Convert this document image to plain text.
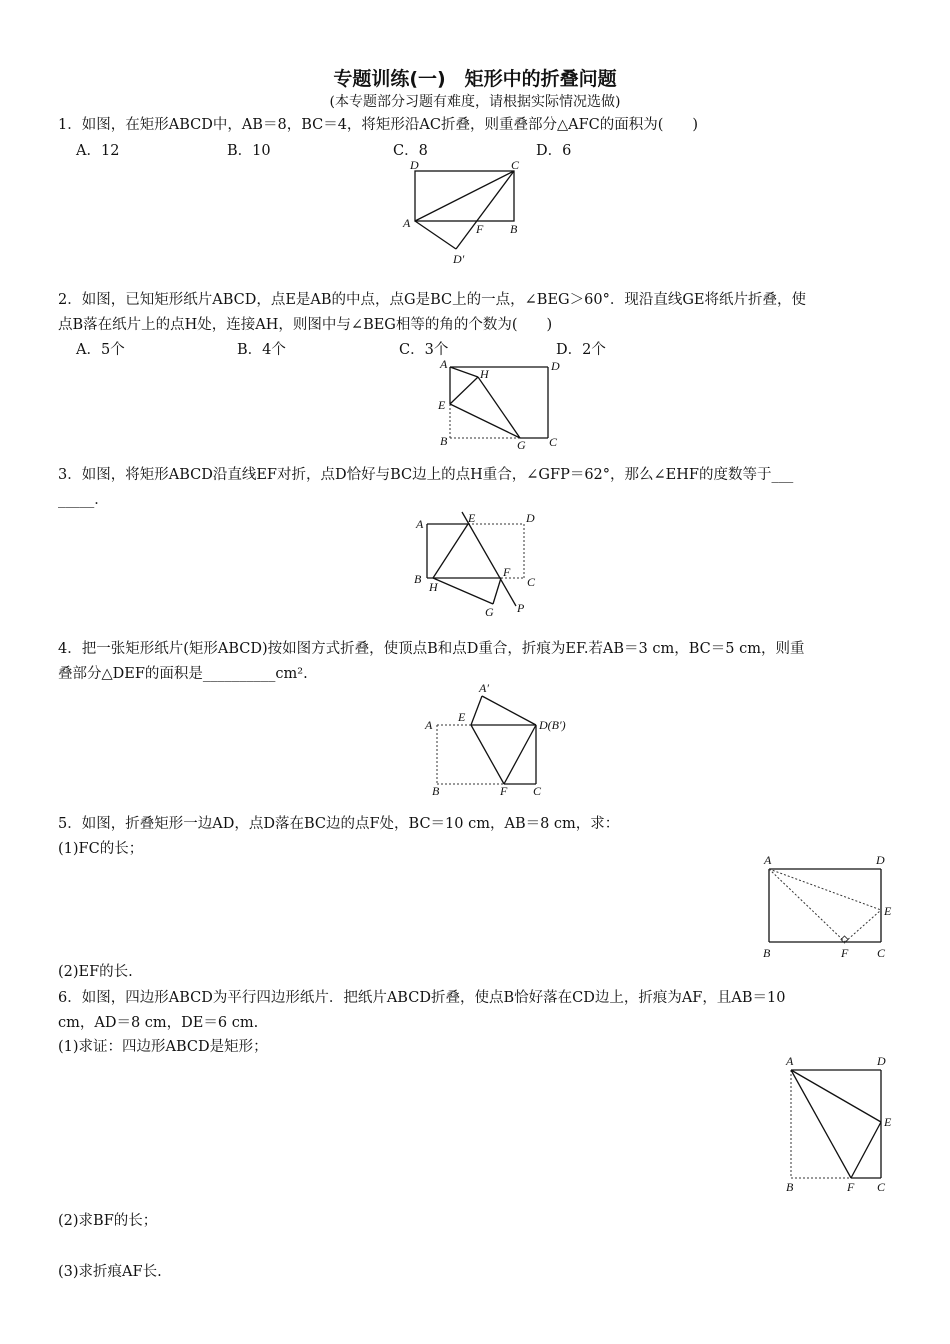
专题训练(一)　矩形中的折叠问题
(本专题部分习题有难度，请根据实际情况选做)
1．如图，在矩形ABCD中，AB＝8，BC＝4，将矩形沿AC折叠，则重叠部分△AFC的面积为(　　)
A．12	B．10	C．8	D．6
D	C
A	F B
D′
2．如图，已知矩形纸片ABCD，点E是AB的中点，点G是BC上的一点，∠BEG＞60°．现沿直线GE将纸片折叠，使
点B落在纸片上的点H处，连接AH，则图中与∠BEG相等的角的个数为(　　)
A．5个	B．4个	C．3个	D．2个
A
H
D
E
B	G C
3．如图，将矩形ABCD沿直线EF对折，点D恰好与BC边上的点H重合，∠GFP＝62°，那么∠EHF的度数等于___
_____．
A	E	D
B
H
F
C
G P
4．把一张矩形纸片(矩形ABCD)按如图方式折叠，使顶点B和点D重合，折痕为EF.若AB＝3 cm，BC＝5 cm，则重
叠部分△DEF的面积是__________cm².
A′
A
E
D(B′)
B	F C
5．如图，折叠矩形一边AD，点D落在BC边的点F处，BC＝10 cm，AB＝8 cm，求：
(1)FC的长；
(2)EF的长.
A	D
E
B	F C
6．如图，四边形ABCD为平行四边形纸片．把纸片ABCD折叠，使点B恰好落在CD边上，折痕为AF，且AB＝10
cm，AD＝8 cm，DE＝6 cm.
(1)求证：四边形ABCD是矩形；
(2)求BF的长；
(3)求折痕AF长.
A	D
E
B	F C
